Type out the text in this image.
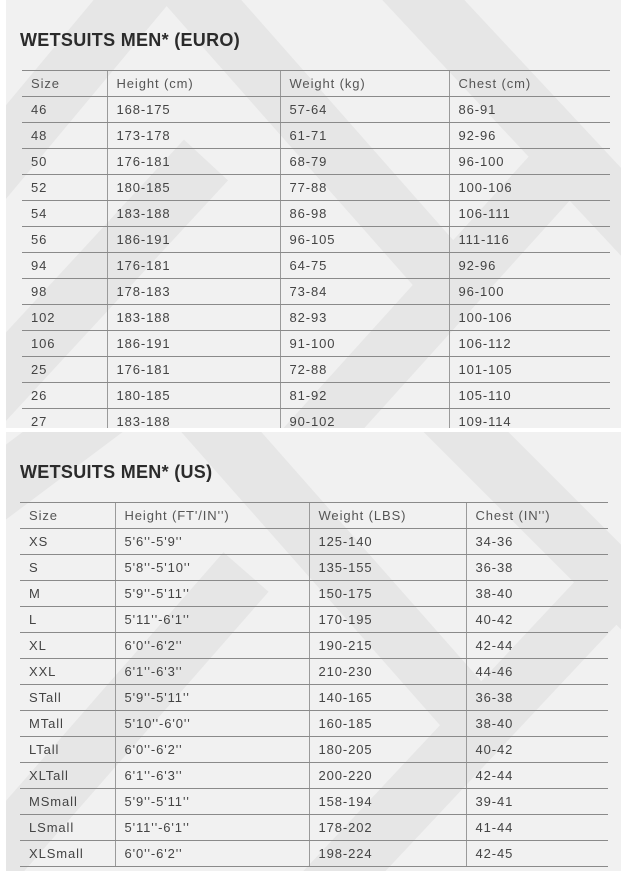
WETSUITS MEN* (EURO)
Size	Height (cm)	Weight (kg)	Chest (cm)
46	168-175	57-64	86-91
48	173-178	61-71	92-96
50	176-181	68-79	96-100
52	180-185	77-88	100-106
54	183-188	86-98	106-111
56	186-191	96-105	111-116
94	176-181	64-75	92-96
98	178-183	73-84	96-100
102	183-188	82-93	100-106
106	186-191	91-100	106-112
25	176-181	72-88	101-105
26	180-185	81-92	105-110
27	183-188	90-102	109-114
WETSUITS MEN* (US)
Size	Height (FT'/IN'')	Weight (LBS)	Chest (IN'')
XS	5'6''-5'9''	125-140	34-36
S	5'8''-5'10''	135-155	36-38
M	5'9''-5'11''	150-175	38-40
L	5'11''-6'1''	170-195	40-42
XL	6'0''-6'2''	190-215	42-44
XXL	6'1''-6'3''	210-230	44-46
STall	5'9''-5'11''	140-165	36-38
MTall	5'10''-6'0''	160-185	38-40
LTall	6'0''-6'2''	180-205	40-42
XLTall	6'1''-6'3''	200-220	42-44
MSmall	5'9''-5'11''	158-194	39-41
LSmall	5'11''-6'1''	178-202	41-44
XLSmall	6'0''-6'2''	198-224	42-45
